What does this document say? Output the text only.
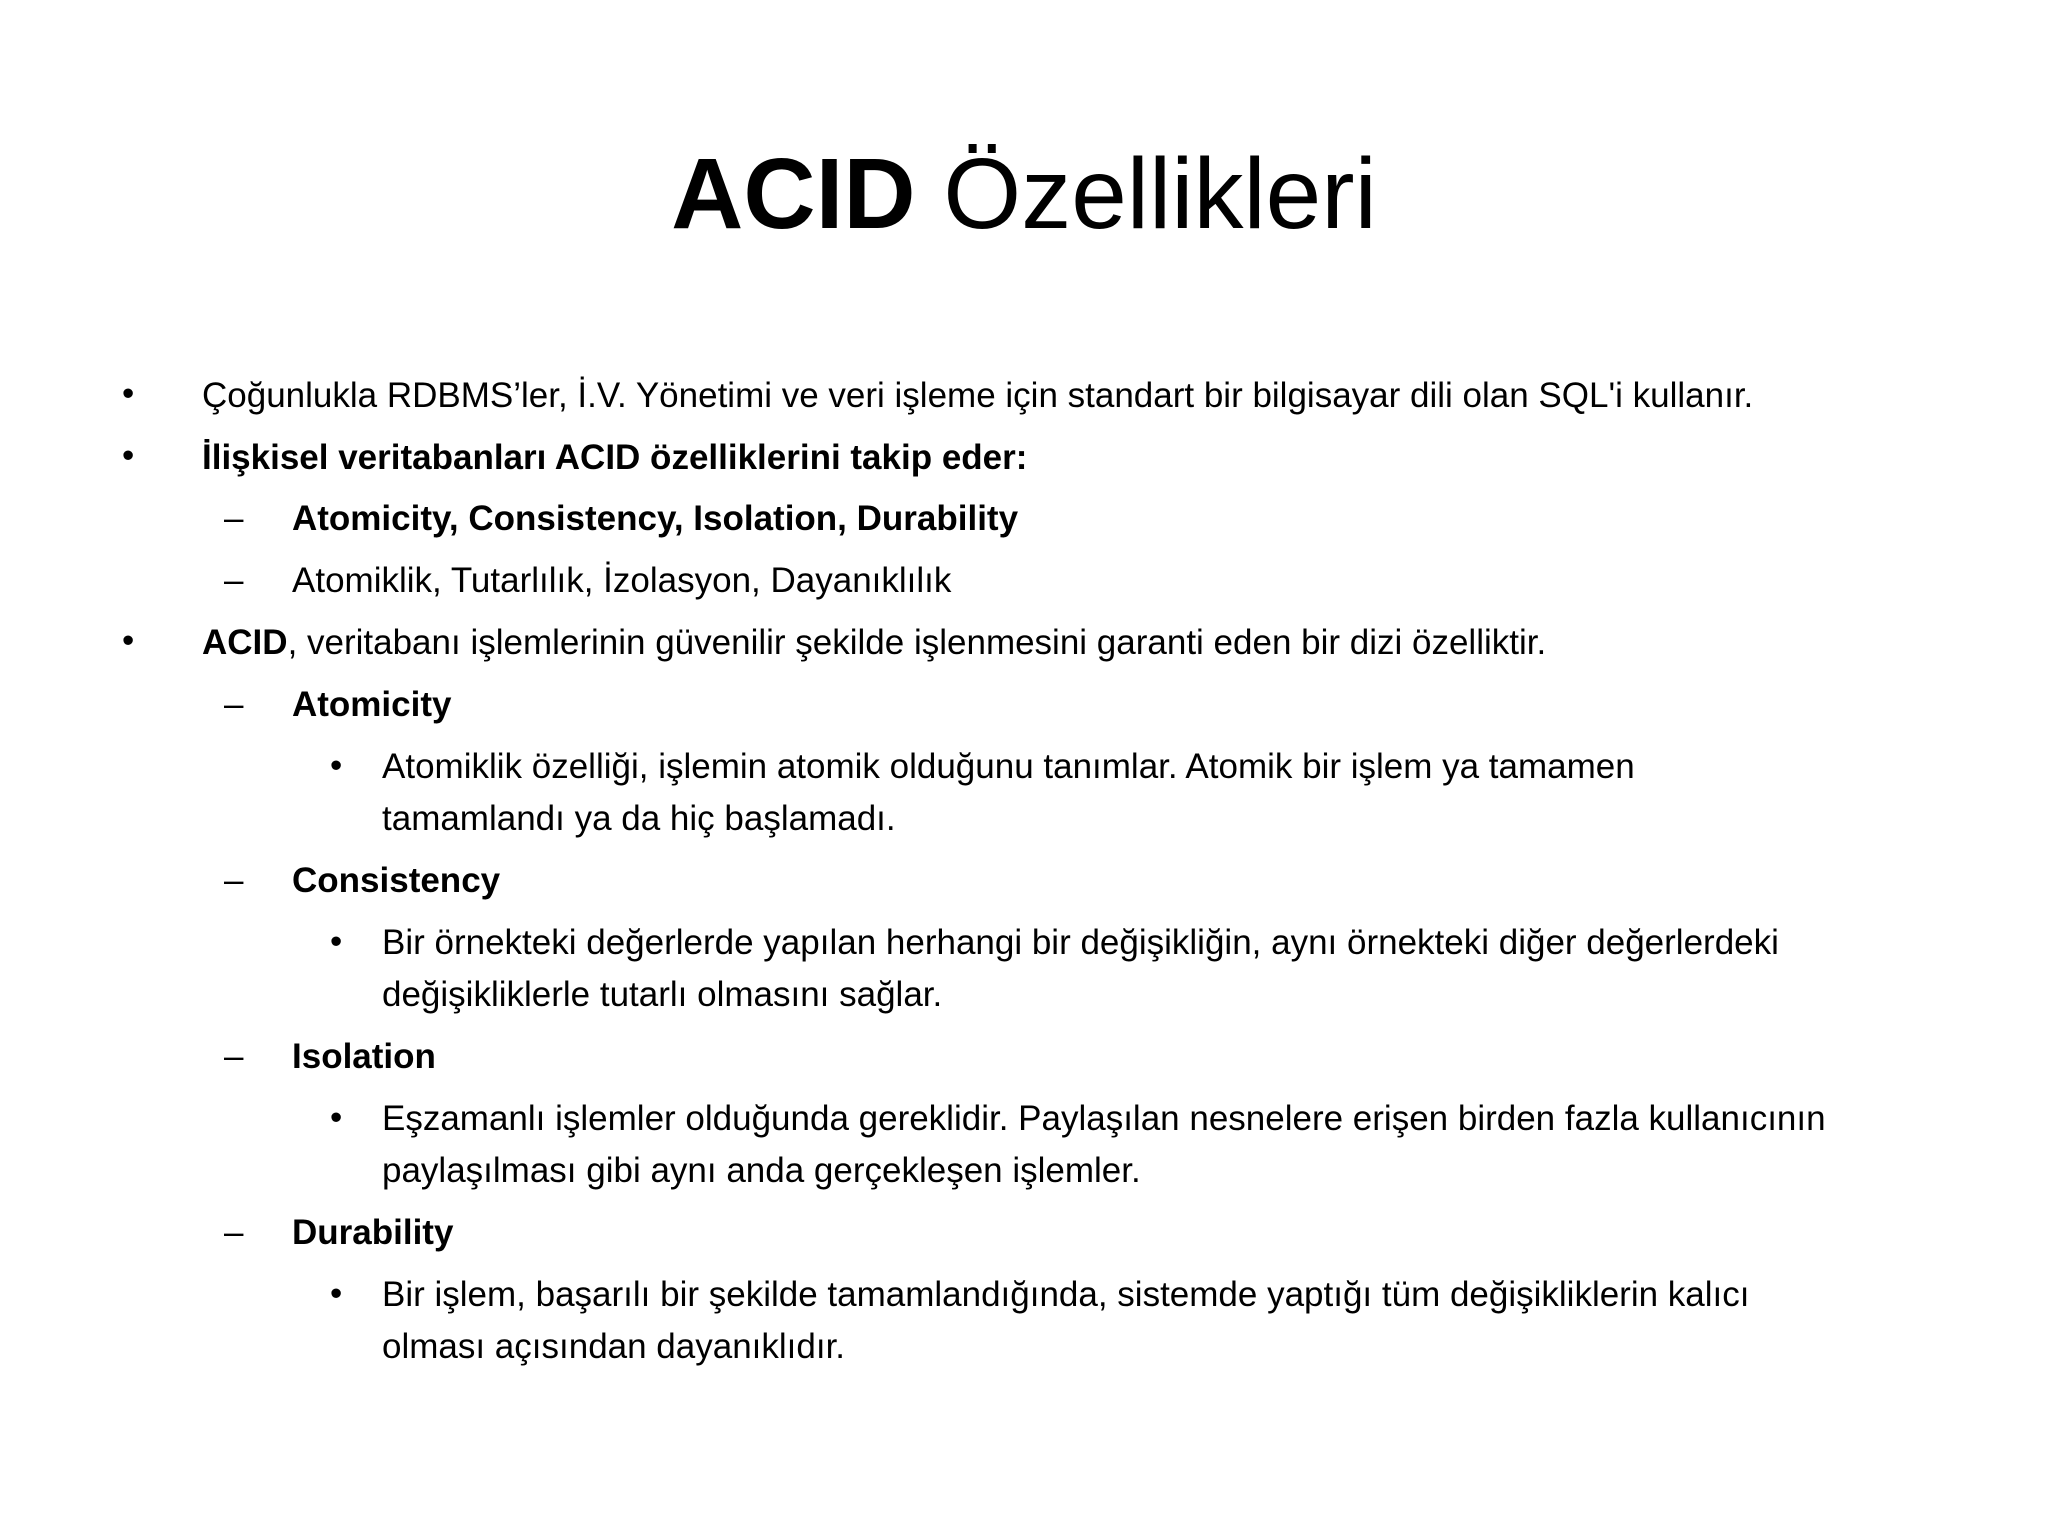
ACID Özellikleri
• Çoğunlukla RDBMS’ler, İ.V. Yönetimi ve veri işleme için standart bir bilgisayar dili olan SQL'i kullanır.
• İlişkisel veritabanları ACID özelliklerini takip eder:
– Atomicity, Consistency, Isolation, Durability
– Atomiklik, Tutarlılık, İzolasyon, Dayanıklılık
• ACID, veritabanı işlemlerinin güvenilir şekilde işlenmesini garanti eden bir dizi özelliktir.
– Atomicity
• Atomiklik özelliği, işlemin atomik olduğunu tanımlar. Atomik bir işlem ya tamamen
tamamlandı ya da hiç başlamadı.
– Consistency
• Bir örnekteki değerlerde yapılan herhangi bir değişikliğin, aynı örnekteki diğer değerlerdeki
değişikliklerle tutarlı olmasını sağlar.
– Isolation
• Eşzamanlı işlemler olduğunda gereklidir. Paylaşılan nesnelere erişen birden fazla kullanıcının
paylaşılması gibi aynı anda gerçekleşen işlemler.
– Durability
• Bir işlem, başarılı bir şekilde tamamlandığında, sistemde yaptığı tüm değişikliklerin kalıcı
olması açısından dayanıklıdır.
